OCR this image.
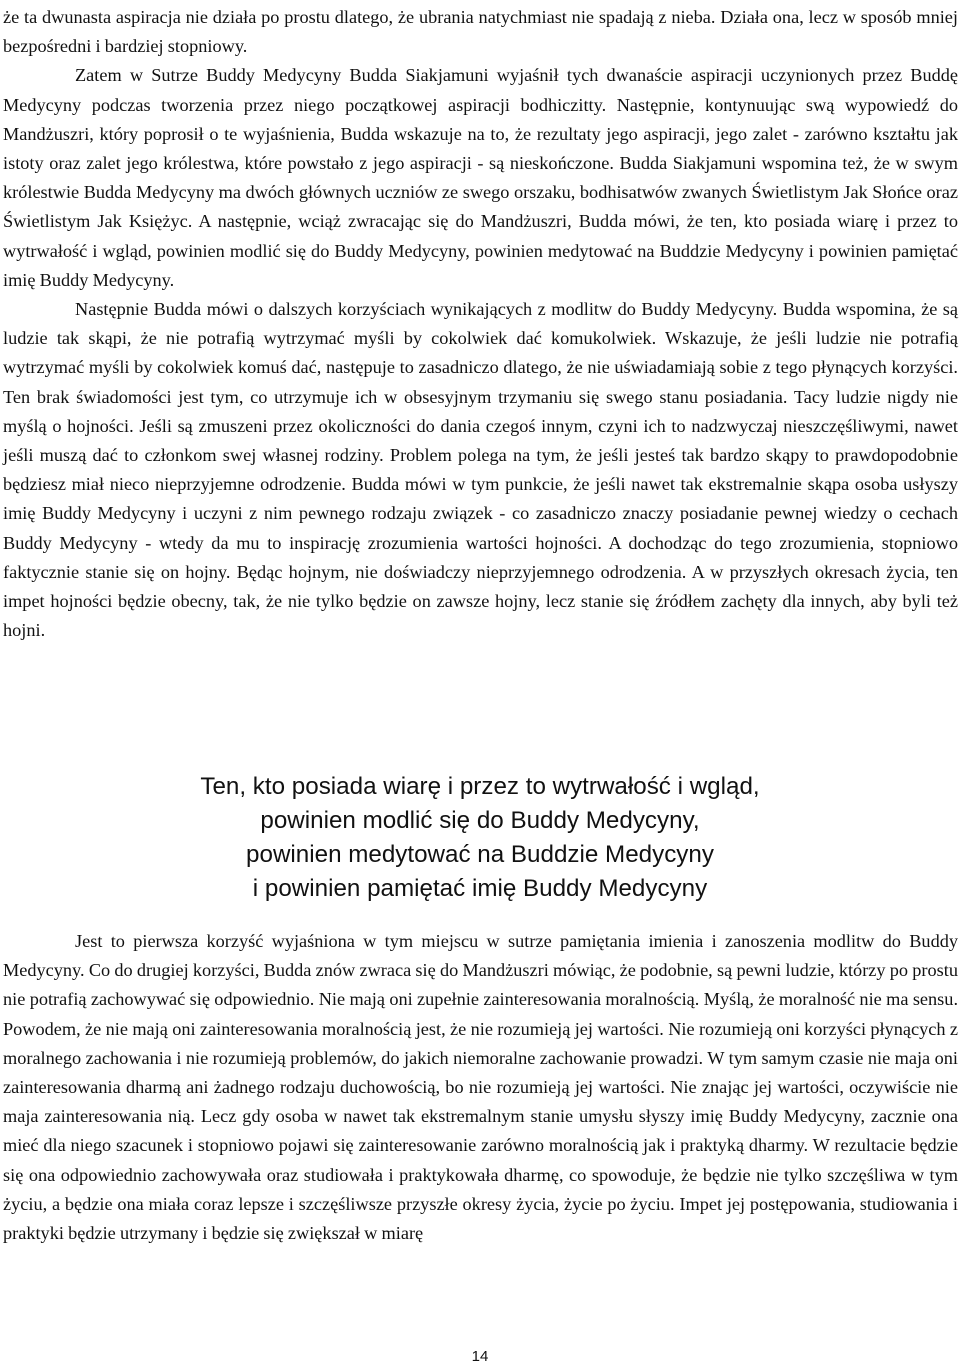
że ta dwunasta aspiracja nie działa po prostu dlatego, że ubrania natychmiast nie spadają z nieba. Działa ona, lecz w sposób mniej bezpośredni i bardziej stopniowy.

Zatem w Sutrze Buddy Medycyny Budda Siakjamuni wyjaśnił tych dwanaście aspiracji uczynionych przez Buddę Medycyny podczas tworzenia przez niego początkowej aspiracji bodhiczitty. Następnie, kontynuując swą wypowiedź do Mandżuszri, który poprosił o te wyjaśnienia, Budda wskazuje na to, że rezultaty jego aspiracji, jego zalet - zarówno kształtu jak istoty oraz zalet jego królestwa, które powstało z jego aspiracji - są nieskończone. Budda Siakjamuni wspomina też, że w swym królestwie Budda Medycyny ma dwóch głównych uczniów ze swego orszaku, bodhisatwów zwanych Świetlistym Jak Słońce oraz Świetlistym Jak Księżyc. A następnie, wciąż zwracając się do Mandżuszri, Budda mówi, że ten, kto posiada wiarę i przez to wytrwałość i wgląd, powinien modlić się do Buddy Medycyny, powinien medytować na Buddzie Medycyny i powinien pamiętać imię Buddy Medycyny.

Następnie Budda mówi o dalszych korzyściach wynikających z modlitw do Buddy Medycyny. Budda wspomina, że są ludzie tak skąpi, że nie potrafią wytrzymać myśli by cokolwiek dać komukolwiek. Wskazuje, że jeśli ludzie nie potrafią wytrzymać myśli by cokolwiek komuś dać, następuje to zasadniczo dlatego, że nie uświadamiają sobie z tego płynących korzyści. Ten brak świadomości jest tym, co utrzymuje ich w obsesyjnym trzymaniu się swego stanu posiadania. Tacy ludzie nigdy nie myślą o hojności. Jeśli są zmuszeni przez okoliczności do dania czegoś innym, czyni ich to nadzwyczaj nieszczęśliwymi, nawet jeśli muszą dać to członkom swej własnej rodziny. Problem polega na tym, że jeśli jesteś tak bardzo skąpy to prawdopodobnie będziesz miał nieco nieprzyjemne odrodzenie. Budda mówi w tym punkcie, że jeśli nawet tak ekstremalnie skąpa osoba usłyszy imię Buddy Medycyny i uczyni z nim pewnego rodzaju związek - co zasadniczo znaczy posiadanie pewnej wiedzy o cechach Buddy Medycyny - wtedy da mu to inspirację zrozumienia wartości hojności. A dochodząc do tego zrozumienia, stopniowo faktycznie stanie się on hojny. Będąc hojnym, nie doświadczy nieprzyjemnego odrodzenia. A w przyszłych okresach życia, ten impet hojności będzie obecny, tak, że nie tylko będzie on zawsze hojny, lecz stanie się źródłem zachęty dla innych, aby byli też hojni.

Ten, kto posiada wiarę i przez to wytrwałość i wgląd,
powinien modlić się do Buddy Medycyny,
powinien medytować na Buddzie Medycyny
i powinien pamiętać imię Buddy Medycyny

Jest to pierwsza korzyść wyjaśniona w tym miejscu w sutrze pamiętania imienia i zanoszenia modlitw do Buddy Medycyny. Co do drugiej korzyści, Budda znów zwraca się do Mandżuszri mówiąc, że podobnie, są pewni ludzie, którzy po prostu nie potrafią zachowywać się odpowiednio. Nie mają oni zupełnie zainteresowania moralnością. Myślą, że moralność nie ma sensu. Powodem, że nie mają oni zainteresowania moralnością jest, że nie rozumieją jej wartości. Nie rozumieją oni korzyści płynących z moralnego zachowania i nie rozumieją problemów, do jakich niemoralne zachowanie prowadzi. W tym samym czasie nie maja oni zainteresowania dharmą ani żadnego rodzaju duchowością, bo nie rozumieją jej wartości. Nie znając jej wartości, oczywiście nie maja zainteresowania nią. Lecz gdy osoba w nawet tak ekstremalnym stanie umysłu słyszy imię Buddy Medycyny, zacznie ona mieć dla niego szacunek i stopniowo pojawi się zainteresowanie zarówno moralnością jak i praktyką dharmy. W rezultacie będzie się ona odpowiednio zachowywała oraz studiowała i praktykowała dharmę, co spowoduje, że będzie nie tylko szczęśliwa w tym życiu, a będzie ona miała coraz lepsze i szczęśliwsze przyszłe okresy życia, życie po życiu. Impet jej postępowania, studiowania i praktyki będzie utrzymany i będzie się zwiększał w miarę

14
